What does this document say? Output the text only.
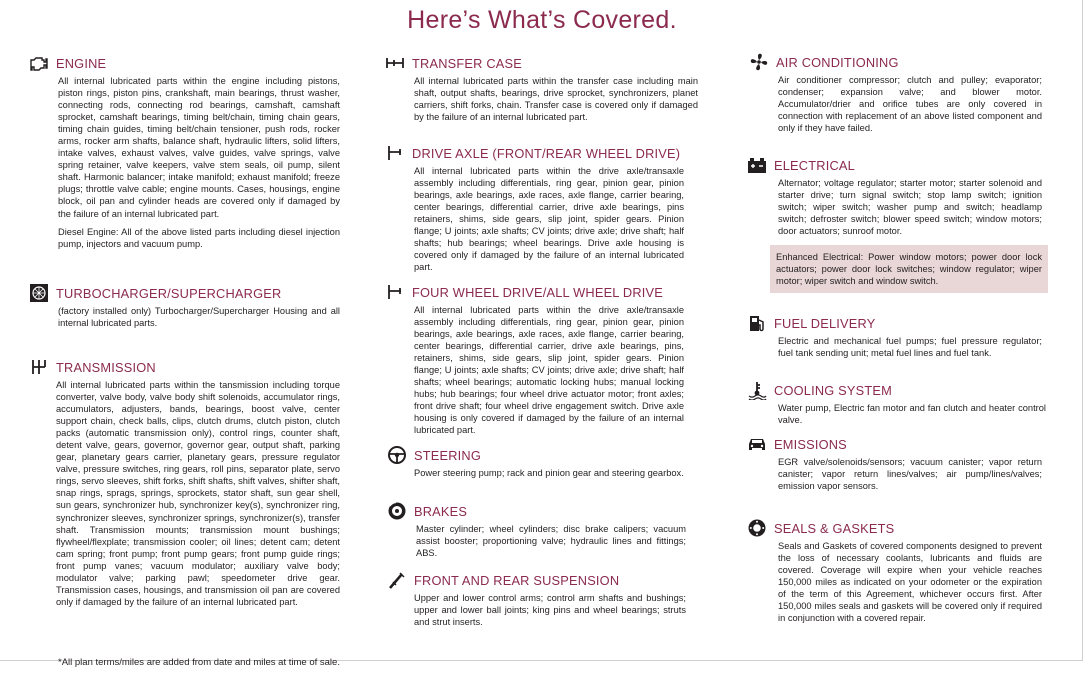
Here’s What’s Covered.
ENGINE
All internal lubricated parts within the engine including pistons, piston rings, piston pins, crankshaft, main bearings, thrust washer, connecting rods, connecting rod bearings, camshaft, camshaft sprocket, camshaft bearings, timing belt/chain, timing chain gears, timing chain guides, timing belt/chain tensioner, push rods, rocker arms, rocker arm shafts, balance shaft, hydraulic lifters, solid lifters, intake valves, exhaust valves, valve guides, valve springs, valve spring retainer, valve keepers, valve stem seals, oil pump, silent shaft. Harmonic balancer; intake manifold; exhaust manifold; freeze plugs; throttle valve cable; engine mounts. Cases, housings, engine block, oil pan and cylinder heads are covered only if damaged by the failure of an internal lubricated part.
Diesel Engine: All of the above listed parts including diesel injection pump, injectors and vacuum pump.
TURBOCHARGER/SUPERCHARGER
(factory installed only) Turbocharger/Supercharger Housing and all internal lubricated parts.
TRANSMISSION
All internal lubricated parts within the tansmission including torque converter, valve body, valve body shift solenoids, accumulator rings, accumulators, adjusters, bands, bearings, boost valve, center support chain, check balls, clips, clutch drums, clutch piston, clutch packs (automatic transmission only), control rings, counter shaft, detent valve, gears, governor, governor gear, output shaft, parking gear, planetary gears carrier, planetary gears, pressure regulator valve, pressure switches, ring gears, roll pins, separator plate, servo rings, servo sleeves, shift forks, shift shafts, shift valves, shifter shaft, snap rings, sprags, springs, sprockets, stator shaft, sun gear shell, sun gears, synchronizer hub, synchronizer key(s), synchronizer ring, synchronizer sleeves, synchronizer springs, synchronizer(s), transfer shaft. Transmission mounts; transmission mount bushings; flywheel/flexplate; transmission cooler; oil lines; detent cam; detent cam spring; front pump; front pump gears; front pump guide rings; front pump vanes; vacuum modulator; auxiliary valve body; modulator valve; parking pawl; speedometer drive gear. Transmission cases, housings, and transmission oil pan are covered only if damaged by the failure of an internal lubricated part.
TRANSFER CASE
All internal lubricated parts within the transfer case including main shaft, output shafts, bearings, drive sprocket, synchronizers, planet carriers, shift forks, chain. Transfer case is covered only if damaged by the failure of an internal lubricated part.
DRIVE AXLE (FRONT/REAR WHEEL DRIVE)
All internal lubricated parts within the drive axle/transaxle assembly including differentials, ring gear, pinion gear, pinion bearings, axle bearings, axle races, axle flange, carrier bearing, center bearings, differential carrier, drive axle bearings, pins retainers, shims, side gears, slip joint, spider gears. Pinion flange; U joints; axle shafts; CV joints; drive axle; drive shaft; half shafts; hub bearings; wheel bearings. Drive axle housing is covered only if damaged by the failure of an internal lubricated part.
FOUR WHEEL DRIVE/ALL WHEEL DRIVE
All internal lubricated parts within the drive axle/transaxle assembly including differentials, ring gear, pinion gear, pinion bearings, axle bearings, axle races, axle flange, carrier bearing, center bearings, differential carrier, drive axle bearings, pins, retainers, shims, side gears, slip joint, spider gears. Pinion flange; U joints; axle shafts; CV joints; drive axle; drive shaft; half shafts; wheel bearings; automatic locking hubs; manual locking hubs; hub bearings; four wheel drive actuator motor; front axles; front drive shaft; four wheel drive engagement switch. Drive axle housing is only covered if damaged by the failure of an internal lubricated part.
STEERING
Power steering pump; rack and pinion gear and steering gearbox.
BRAKES
Master cylinder; wheel cylinders; disc brake calipers; vacuum assist booster; proportioning valve; hydraulic lines and fittings; ABS.
FRONT AND REAR SUSPENSION
Upper and lower control arms; control arm shafts and bushings; upper and lower ball joints; king pins and wheel bearings; struts and strut inserts.
AIR CONDITIONING
Air conditioner compressor; clutch and pulley; evaporator; condenser; expansion valve; and blower motor. Accumulator/drier and orifice tubes are only covered in connection with replacement of an above listed component and only if they have failed.
ELECTRICAL
Alternator; voltage regulator; starter motor; starter solenoid and starter drive; turn signal switch; stop lamp switch; ignition switch; wiper switch; washer pump and switch; headlamp switch; defroster switch; blower speed switch; window motors; door actuators; sunroof motor.
Enhanced Electrical: Power window motors; power door lock actuators; power door lock switches; window regulator; wiper motor; wiper switch and window switch.
FUEL DELIVERY
Electric and mechanical fuel pumps; fuel pressure regulator; fuel tank sending unit; metal fuel lines and fuel tank.
COOLING SYSTEM
Water pump, Electric fan motor and fan clutch and heater control valve.
EMISSIONS
EGR valve/solenoids/sensors; vacuum canister; vapor return canister; vapor return lines/valves; air pump/lines/valves; emission vapor sensors.
SEALS & GASKETS
Seals and Gaskets of covered components designed to prevent the loss of necessary coolants, lubricants and fluids are covered. Coverage will expire when your vehicle reaches 150,000 miles as indicated on your odometer or the expiration of the term of this Agreement, whichever occurs first. After 150,000 miles seals and gaskets will be covered only if required in conjunction with a covered repair.
*All plan terms/miles are added from date and miles at time of sale.
